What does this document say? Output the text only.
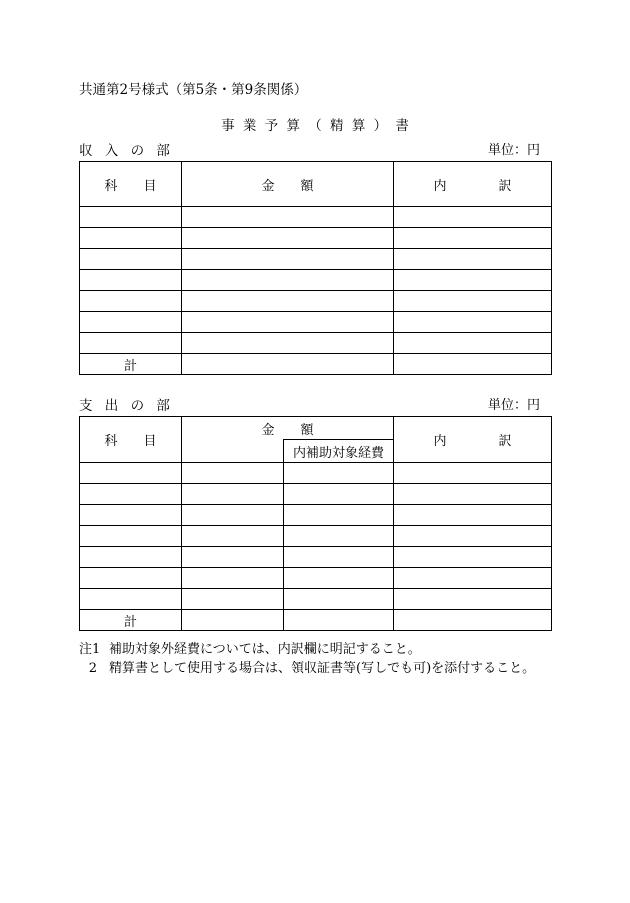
共通第2号様式（第5条・第9条関係）
事 業 予 算 （ 精 算 ） 書
収 入 の 部	単位：円
科　　目	金　　額	内　　　　訳

計		
支 出 の 部	単位：円
科　　目	金　　額		内　　　　訳
		内補助対象経費	

計			
注1 補助対象外経費については、内訳欄に明記すること。
2 精算書として使用する場合は、領収証書等(写しでも可)を添付すること。
